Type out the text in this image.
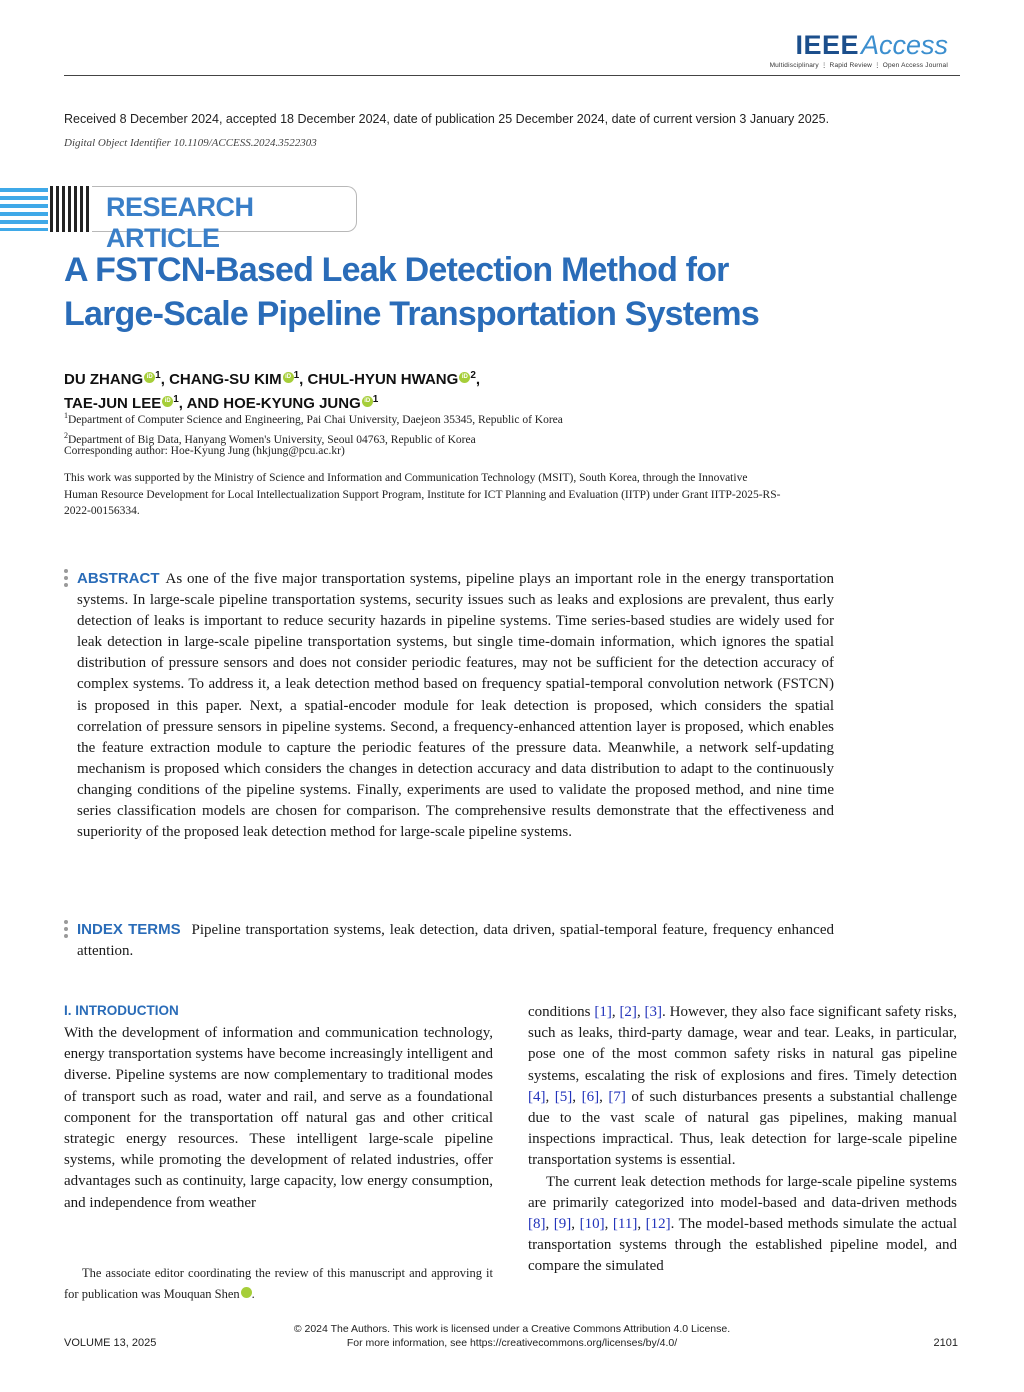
IEEEAccess
Multidisciplinary ⋮ Rapid Review ⋮ Open Access Journal
Received 8 December 2024, accepted 18 December 2024, date of publication 25 December 2024, date of current version 3 January 2025.
Digital Object Identifier 10.1109/ACCESS.2024.3522303
RESEARCH ARTICLE
A FSTCN-Based Leak Detection Method for
Large-Scale Pipeline Transportation Systems
DU ZHANG iD $^1$, CHANG-SU KIM iD $^1$, CHUL-HYUN HWANG iD $^2$,
TAE-JUN LEE iD $^1$, AND HOE-KYUNG JUNG iD $^1$
$^1$Department of Computer Science and Engineering, Pai Chai University, Daejeon 35345, Republic of Korea
$^2$Department of Big Data, Hanyang Women's University, Seoul 04763, Republic of Korea
Corresponding author: Hoe-Kyung Jung (hkjung@pcu.ac.kr)
This work was supported by the Ministry of Science and Information and Communication Technology (MSIT), South Korea, through the Innovative Human Resource Development for Local Intellectualization Support Program, Institute for ICT Planning and Evaluation (IITP) under Grant IITP-2025-RS-2022-00156334.
ABSTRACT As one of the five major transportation systems, pipeline plays an important role in the energy transportation systems. In large-scale pipeline transportation systems, security issues such as leaks and explosions are prevalent, thus early detection of leaks is important to reduce security hazards in pipeline systems. Time series-based studies are widely used for leak detection in large-scale pipeline transportation systems, but single time-domain information, which ignores the spatial distribution of pressure sensors and does not consider periodic features, may not be sufficient for the detection accuracy of complex systems. To address it, a leak detection method based on frequency spatial-temporal convolution network (FSTCN) is proposed in this paper. Next, a spatial-encoder module for leak detection is proposed, which considers the spatial correlation of pressure sensors in pipeline systems. Second, a frequency-enhanced attention layer is proposed, which enables the feature extraction module to capture the periodic features of the pressure data. Meanwhile, a network self-updating mechanism is proposed which considers the changes in detection accuracy and data distribution to adapt to the continuously changing conditions of the pipeline systems. Finally, experiments are used to validate the proposed method, and nine time series classification models are chosen for comparison. The comprehensive results demonstrate that the effectiveness and superiority of the proposed leak detection method for large-scale pipeline systems.
INDEX TERMS Pipeline transportation systems, leak detection, data driven, spatial-temporal feature, frequency enhanced attention.
I. INTRODUCTION
With the development of information and communication technology, energy transportation systems have become increasingly intelligent and diverse. Pipeline systems are now complementary to traditional modes of transport such as road, water and rail, and serve as a foundational component for the transportation off natural gas and other critical strategic energy resources. These intelligent large-scale pipeline systems, while promoting the development of related industries, offer advantages such as continuity, large capacity, low energy consumption, and independence from weather
The associate editor coordinating the review of this manuscript and approving it for publication was Mouquan Shen	iD.

conditions [1], [2], [3]. However, they also face significant safety risks, such as leaks, third-party damage, wear and tear. Leaks, in particular, pose one of the most common safety risks in natural gas pipeline systems, escalating the risk of explosions and fires. Timely detection [4], [5], [6], [7] of such disturbances presents a substantial challenge due to the vast scale of natural gas pipelines, making manual inspections impractical. Thus, leak detection for large-scale pipeline transportation systems is essential.

The current leak detection methods for large-scale pipeline systems are primarily categorized into model-based and data-driven methods [8], [9], [10], [11], [12]. The model-based methods simulate the actual transportation systems through the established pipeline model, and compare the simulated

© 2024 The Authors. This work is licensed under a Creative Commons Attribution 4.0 License.
For more information, see https://creativecommons.org/licenses/by/4.0/
VOLUME 13, 2025	2101
